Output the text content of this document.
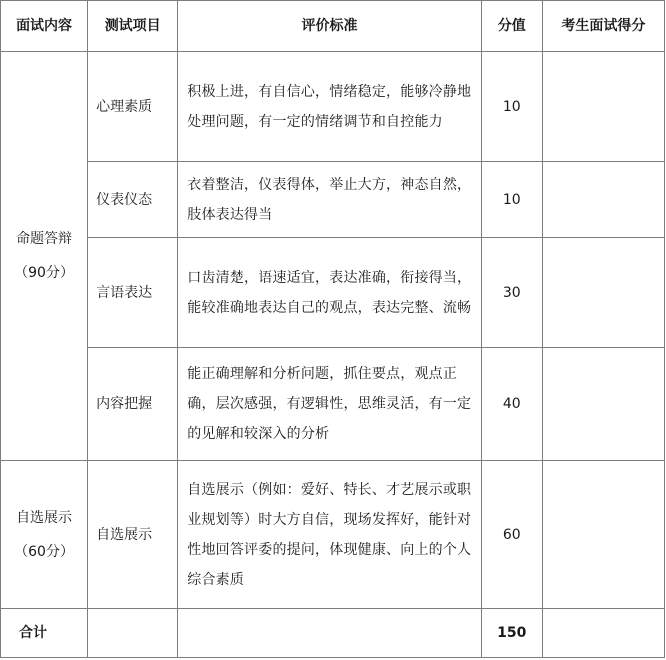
面试内容	测试项目	评价标准	分值	考生面试得分

命题答辩
（90分）	心理素质	积极上进，有自信心，情绪稳定，能够冷静地处理问题，有一定的情绪调节和自控能力	10	
	仪表仪态	衣着整洁，仪表得体，举止大方，神态自然，肢体表达得当	10	
	言语表达	口齿清楚，语速适宜，表达准确，衔接得当，能较准确地表达自己的观点，表达完整、流畅	30	
	内容把握	能正确理解和分析问题，抓住要点，观点正确，层次感强，有逻辑性，思维灵活，有一定的见解和较深入的分析	40	

自选展示
（60分）	自选展示	自选展示（例如：爱好、特长、才艺展示或职业规划等）时大方自信，现场发挥好，能针对性地回答评委的提问，体现健康、向上的个人综合素质	60	
合计			150	
